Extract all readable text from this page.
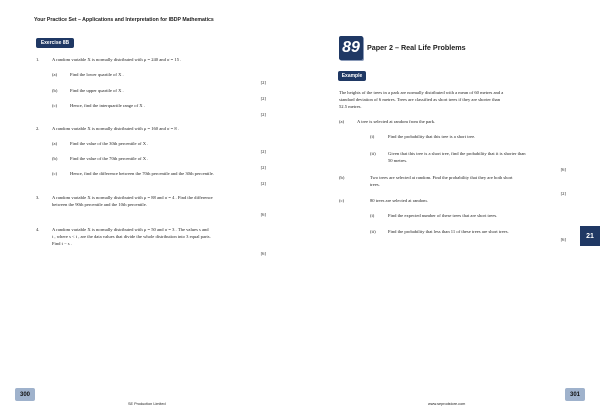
Your Practice Set – Applications and Interpretation for IBDP Mathematics
Exercise 8B
1.	A random variable X is normally distributed with μ = 240 and σ = 15 .
(a)	Find the lower quartile of X .
[2]
(b)	Find the upper quartile of X .
[2]
(c)	Hence, find the interquartile range of X .
[2]
2.	A random variable X is normally distributed with μ = 160 and σ = 8 .
(a)	Find the value of the 30th percentile of X .
[2]
(b)	Find the value of the 70th percentile of X .
[2]
(c)	Hence, find the difference between the 70th percentile and the 30th percentile.
[2]
3.	A random variable X is normally distributed with μ = 88 and σ = 4 . Find the difference
between the 90th percentile and the 10th percentile.
[6]
4.	A random variable X is normally distributed with μ = 50 and σ = 3 . The values s and
t , where s < t , are the data values that divide the whole distribution into 3 equal parts.
Find t − s .
[6]
300
SE Production Limited
89 Paper 2 – Real Life Problems
Example
The heights of the trees in a park are normally distributed with a mean of 60 metres and a
standard deviation of 6 metres. Trees are classified as short trees if they are shorter than
52.5 metres.
(a)	A tree is selected at random from the park.
(i)	Find the probability that this tree is a short tree.
(ii)	Given that this tree is a short tree, find the probability that it is shorter than
50 metres.
[6]
(b)	Two trees are selected at random. Find the probability that they are both short
trees.
[2]
(c)	80 trees are selected at random.
(i)	Find the expected number of these trees that are short trees.
(ii)	Find the probability that less than 11 of these trees are short trees.
[6]	21
301
www.seprodstore.com
